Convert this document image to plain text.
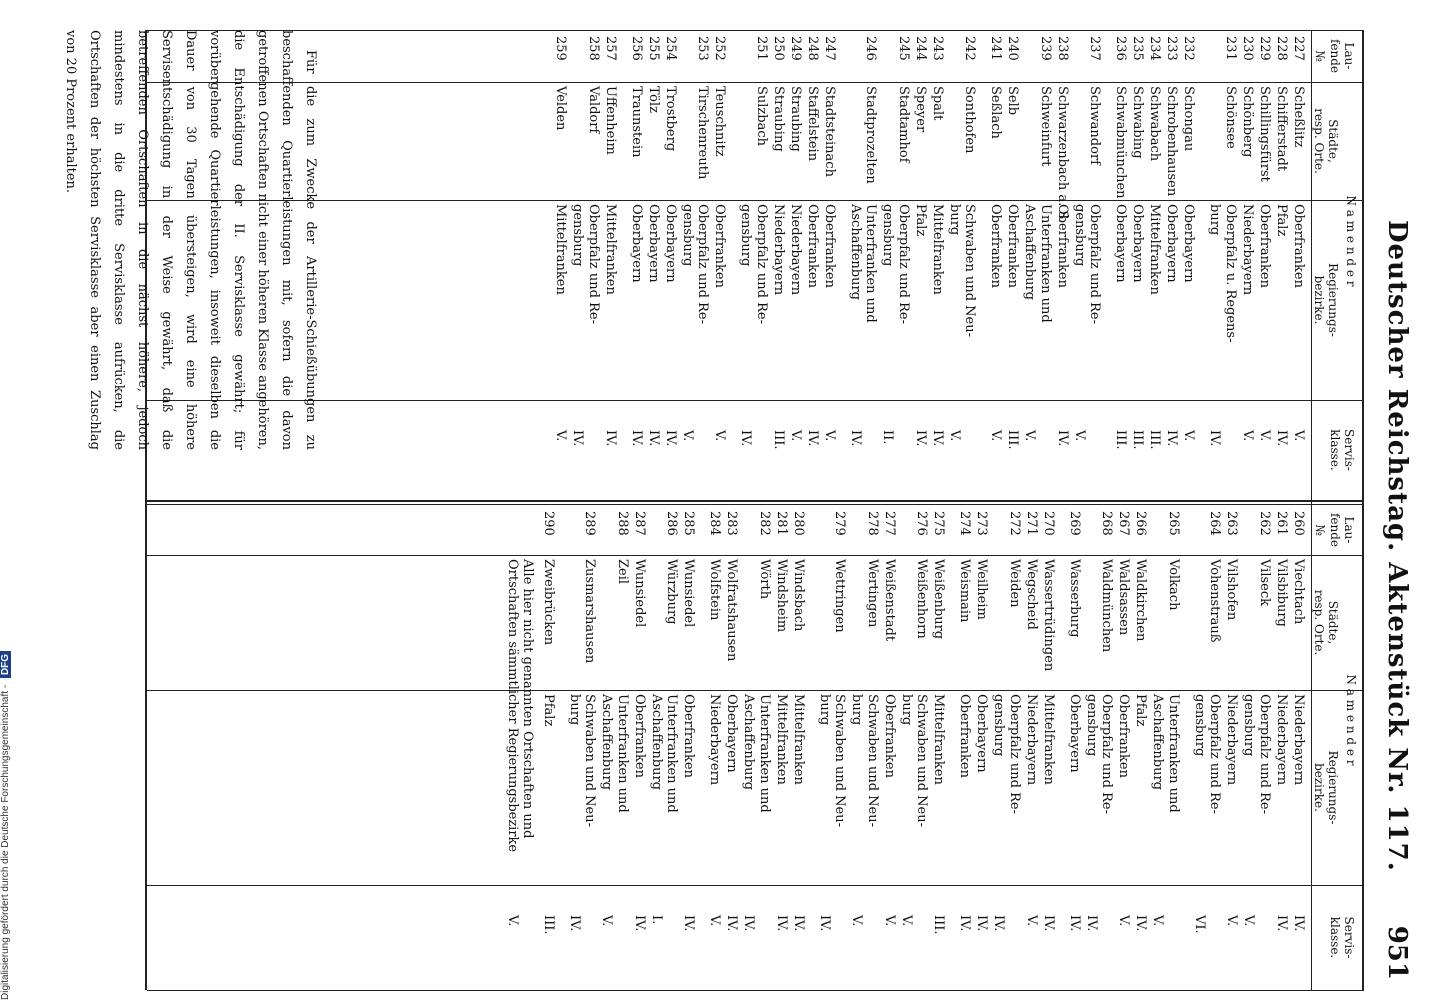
Deutscher Reichstag. Aktenstück Nr. 117.
951
Lau-
fende
№
N a m e n d e r
Städte,
resp. Orte.
Regierungs-
bezirke.
Servis-
klasse.
227
Scheßlitz
Oberfranken
V.
228
Schifferstadt
Pfalz
IV.
229
Schillingsfürst
Oberfranken
V.
230
Schönberg
Niederbayern
V.
231
Schönsee
Oberpfalz u. Regens-
burg
IV.
232
Schongau
Oberbayern
V.
233
Schrobenhausen
Oberbayern
IV.
234
Schwabach
Mittelfranken
III.
235
Schwabing
Oberbayern
III.
236
Schwabmünchen
Oberbayern
III.
237
Schwandorf
Oberpfalz und Re-
gensburg
V.
238
Schwarzenbach a. S.
Oberfranken
IV.
239
Schweinfurt
Unterfranken und
Aschaffenburg
V.
240
Selb
Oberfranken
III.
241
Seßlach
Oberfranken
V.
242
Sonthofen
Schwaben und Neu-
burg
V.
243
Spalt
Mittelfranken
IV.
244
Speyer
Pfalz
IV.
245
Stadtamhof
Oberpfalz und Re-
gensburg
II.
246
Stadtprozelten
Unterfranken und
Aschaffenburg
IV.
247
Stadtsteinach
Oberfranken
V.
248
Staffelstein
Oberfranken
IV.
249
Straubing
Niederbayern
V.
250
Straubing
Niederbayern
III.
251
Sulzbach
Oberpfalz und Re-
gensburg
IV.
252
Teuschnitz
Oberfranken
V.
253
Tirschenreuth
Oberpfalz und Re-
gensburg
V.
254
Trostberg
Oberbayern
IV.
255
Tölz
Oberbayern
IV.
256
Traunstein
Oberbayern
IV.
257
Uffenheim
Mittelfranken
IV.
258
Valdorf
Oberpfalz und Re-
gensburg
IV.
259
Velden
Mittelfranken
V.
Lau-
fende
№
N a m e n d e r
Städte,
resp. Orte.
Regierungs-
bezirke.
Servis-
klasse.
260
Viechtach
Niederbayern
IV.
261
Vilsbiburg
Niederbayern
IV.
262
Vilseck
Oberpfalz und Re-
gensburg
V.
263
Vilshofen
Niederbayern
V.
264
Vohenstrauß
Oberpfalz und Re-
gensburg
VI.
265
Volkach
Unterfranken und
Aschaffenburg
V.
266
Waldkirchen
Pfalz
IV.
267
Waldsassen
Oberfranken
V.
268
Waldmünchen
Oberpfalz und Re-
gensburg
IV.
269
Wasserburg
Oberbayern
IV.
270
Wassertrüdingen
Mittelfranken
IV.
271
Wegscheid
Niederbayern
V.
272
Weiden
Oberpfalz und Re-
gensburg
IV.
273
Weilheim
Oberbayern
IV.
274
Weismain
Oberfranken
IV.
275
Weißenburg
Mittelfranken
III.
276
Weißenhorn
Schwaben und Neu-
burg
V.
277
Weißenstadt
Oberfranken
V.
278
Wertingen
Schwaben und Neu-
burg
V.
279
Wettringen
Schwaben und Neu-
burg
IV.
280
Windsbach
Mittelfranken
IV.
281
Windsheim
Mittelfranken
IV.
282
Wörth
Unterfranken und
Aschaffenburg
IV.
283
Wolfratshausen
Oberbayern
IV.
284
Wolfstein
Niederbayern
V.
285
Wunsiedel
Oberfranken
IV.
286
Würzburg
Unterfranken und
Aschaffenburg
I.
287
Wunsiedel
Oberfranken
IV.
288
Zeil
Unterfranken und
Aschaffenburg
V.
289
Zusmarshausen
Schwaben und Neu-
burg
IV.
290
Zweibrücken
Pfalz
III.
Alle hier nicht genannten Ortschaften und Ortschaften sämmtlicher Regierungsbezirke
V.
Für die zum Zwecke der Artillerie-Schießübungen zu beschaffenden Quartierleistungen mit, sofern die davon getroffenen Ortschaften nicht einer höheren Klasse angehören, die Entschädigung der II. Servisklasse gewährt; für vorübergehende Quartierleistungen, insoweit dieselben die Dauer von 30 Tagen übersteigen, wird eine höhere Servisentschädigung in der Weise gewährt, daß die betreffenden Ortschaften in die nächst höhere, jedoch mindestens in die dritte Servisklasse aufrücken, die Ortschaften der höchsten Servisklasse aber einen Zuschlag von 20 Prozent erhalten.
Digitalisierung gefördert durch die Deutsche Forschungsgemeinschaft - DFG
